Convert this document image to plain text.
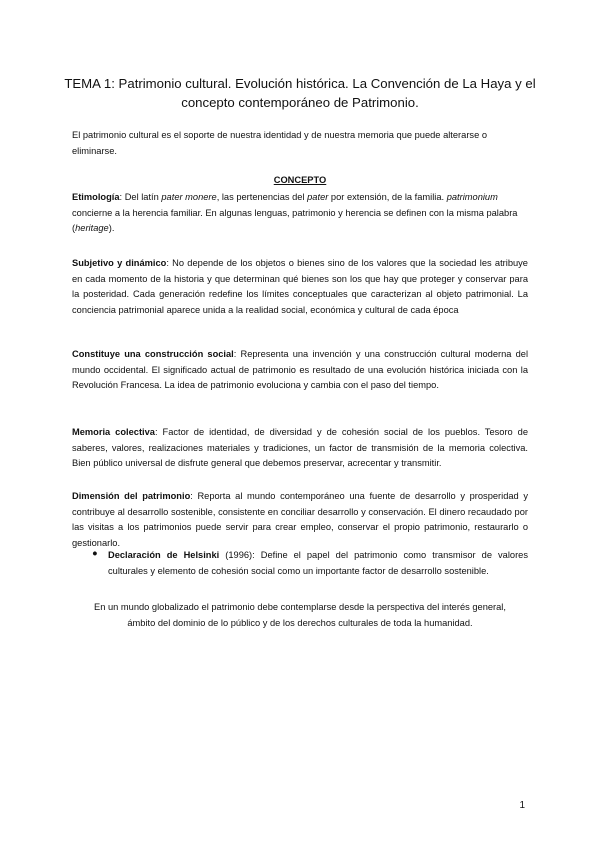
TEMA 1: Patrimonio cultural. Evolución histórica. La Convención de La Haya y el
concepto contemporáneo de Patrimonio.
El patrimonio cultural es el soporte de nuestra identidad y de nuestra memoria que puede alterarse o eliminarse.
CONCEPTO
Etimología: Del latín pater monere, las pertenencias del pater por extensión, de la familia. patrimonium concierne a la herencia familiar. En algunas lenguas, patrimonio y herencia se definen con la misma palabra (heritage).
Subjetivo y dinámico: No depende de los objetos o bienes sino de los valores que la sociedad les atribuye en cada momento de la historia y que determinan qué bienes son los que hay que proteger y conservar para la posteridad. Cada generación redefine los límites conceptuales que caracterizan al objeto patrimonial. La conciencia patrimonial aparece unida a la realidad social, económica y cultural de cada época
Constituye una construcción social: Representa una invención y una construcción cultural moderna del mundo occidental. El significado actual de patrimonio es resultado de una evolución histórica iniciada con la Revolución Francesa. La idea de patrimonio evoluciona y cambia con el paso del tiempo.
Memoria colectiva: Factor de identidad, de diversidad y de cohesión social de los pueblos. Tesoro de saberes, valores, realizaciones materiales y tradiciones, un factor de transmisión de la memoria colectiva. Bien público universal de disfrute general que debemos preservar, acrecentar y transmitir.
Dimensión del patrimonio: Reporta al mundo contemporáneo una fuente de desarrollo y prosperidad y contribuye al desarrollo sostenible, consistente en conciliar desarrollo y conservación. El dinero recaudado por las visitas a los patrimonios puede servir para crear empleo, conservar el propio patrimonio, restaurarlo o gestionarlo.
● Declaración de Helsinki (1996): Define el papel del patrimonio como transmisor de valores culturales y elemento de cohesión social como un importante factor de desarrollo sostenible.
En un mundo globalizado el patrimonio debe contemplarse desde la perspectiva del interés general,
ámbito del dominio de lo público y de los derechos culturales de toda la humanidad.
1
